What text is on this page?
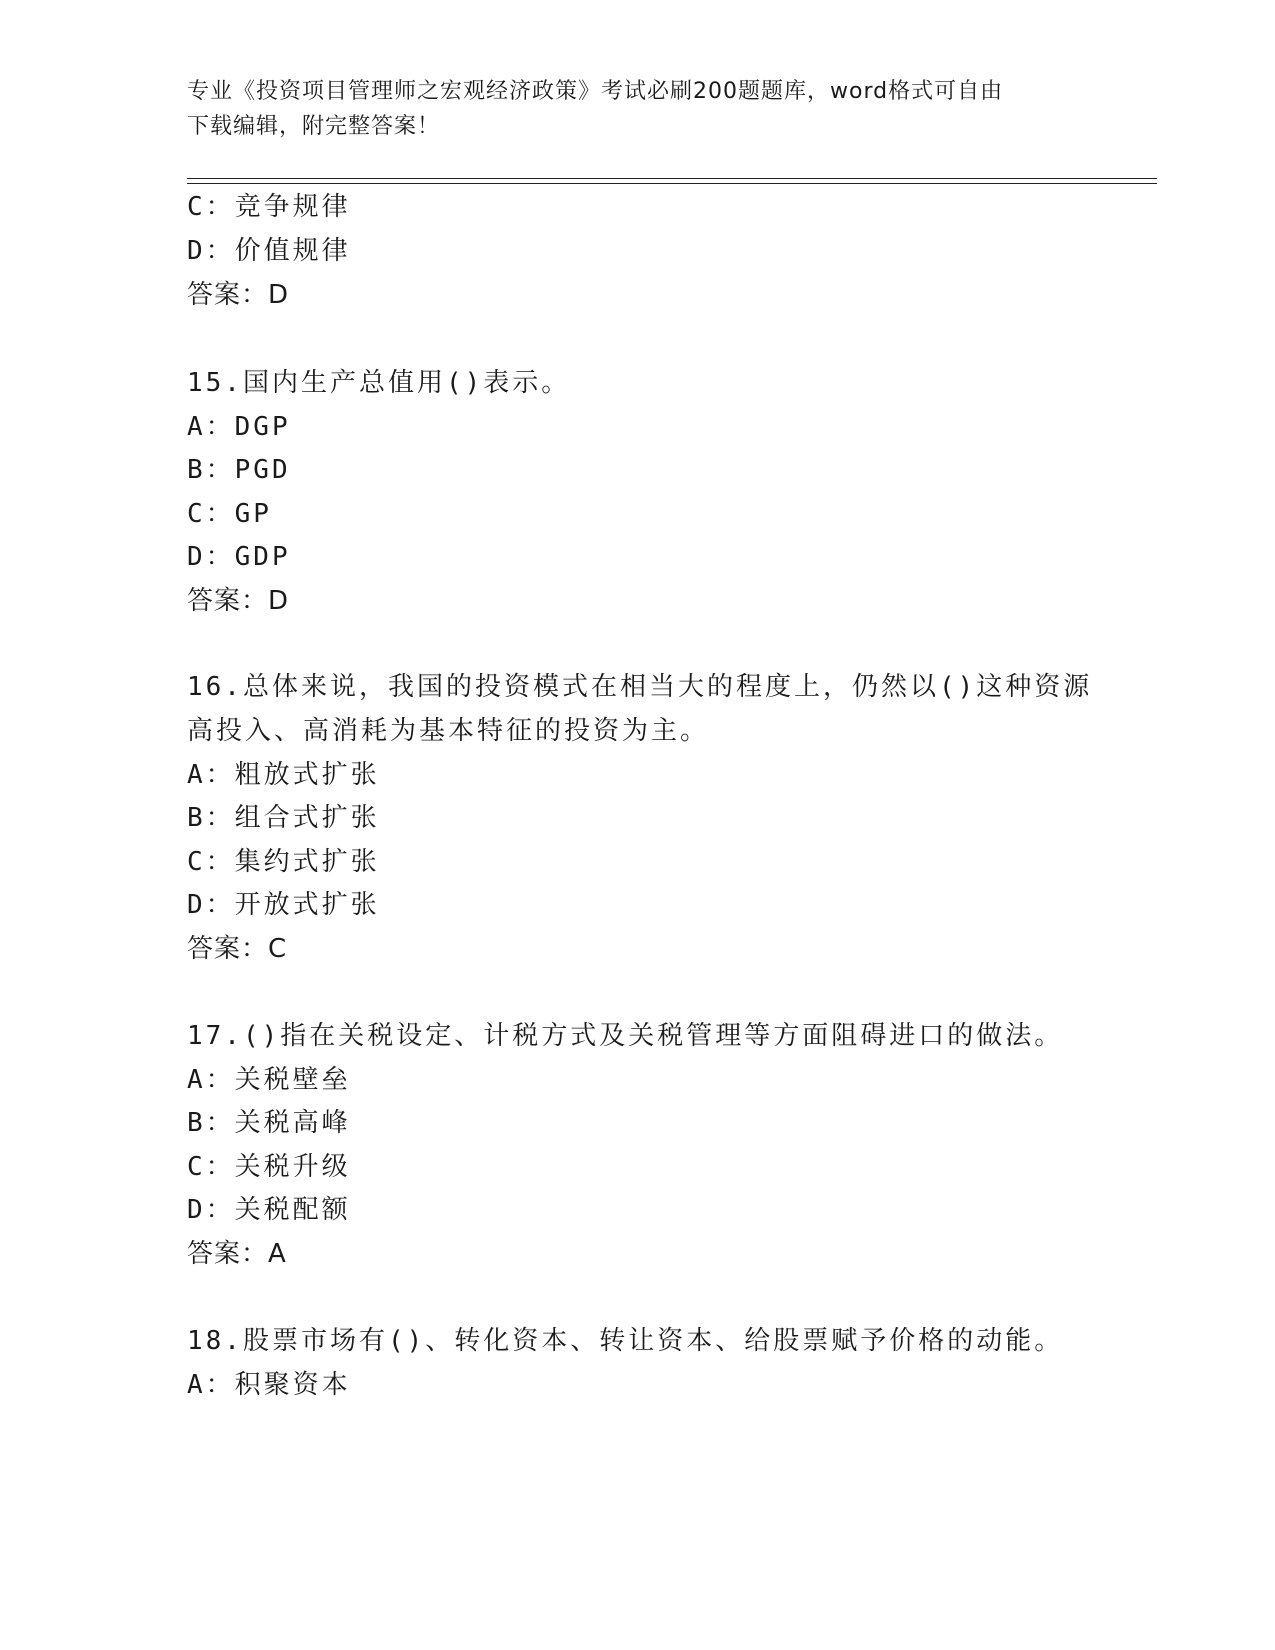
专业《投资项目管理师之宏观经济政策》考试必刷200题题库，word格式可自由
下载编辑，附完整答案！
C：竞争规律
D：价值规律
答案：D
15.国内生产总值用()表示。
A：DGP
B：PGD
C：GP
D：GDP
答案：D
16.总体来说，我国的投资模式在相当大的程度上，仍然以()这种资源
高投入、高消耗为基本特征的投资为主。
A：粗放式扩张
B：组合式扩张
C：集约式扩张
D：开放式扩张
答案：C
17.()指在关税设定、计税方式及关税管理等方面阻碍进口的做法。
A：关税壁垒
B：关税高峰
C：关税升级
D：关税配额
答案：A
18.股票市场有()、转化资本、转让资本、给股票赋予价格的动能。
A：积聚资本
